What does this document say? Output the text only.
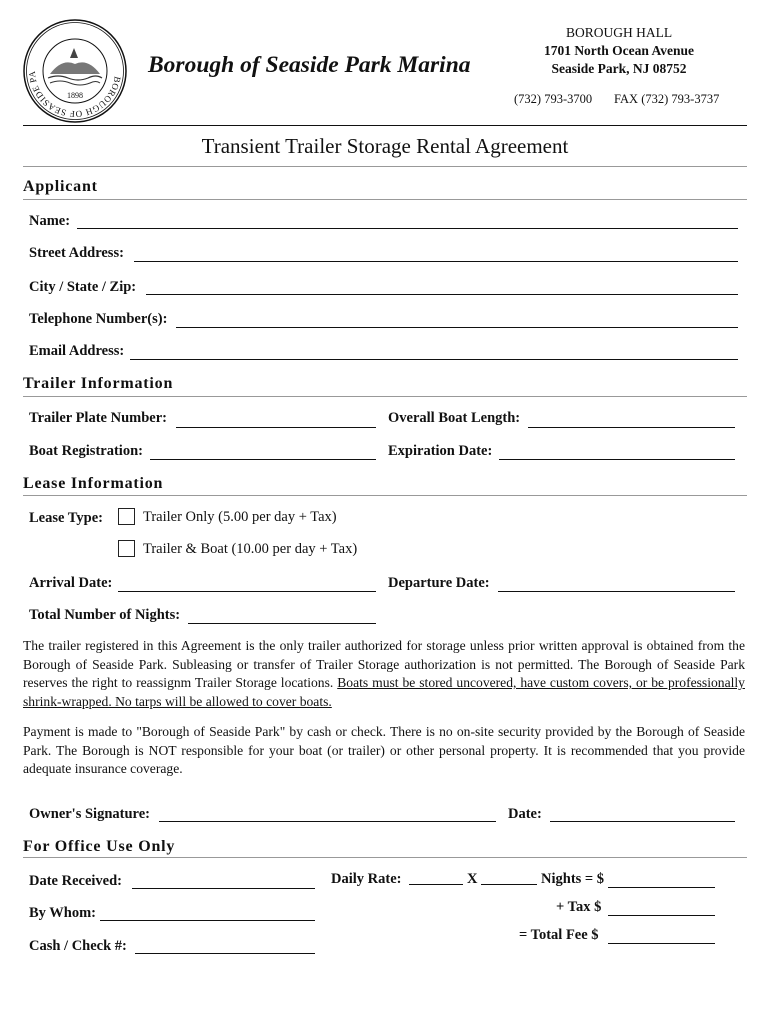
BOROUGH OF SEASIDE PA
1898
Borough of Seaside Park Marina
BOROUGH HALL
1701 North Ocean Avenue
Seaside Park, NJ 08752
(732) 793-3700 FAX (732) 793-3737
Transient Trailer Storage Rental Agreement
Applicant
Name:
Street Address:
City / State / Zip:
Telephone Number(s):
Email Address:
Trailer Information
Trailer Plate Number:	Overall Boat Length:
Boat Registration:	Expiration Date:
Lease Information
Lease Type:	Trailer Only (5.00 per day + Tax)
Trailer & Boat (10.00 per day + Tax)
Arrival Date:	Departure Date:
Total Number of Nights:
The trailer registered in this Agreement is the only trailer authorized for storage unless prior written approval is obtained from the Borough of Seaside Park. Subleasing or transfer of Trailer Storage authorization is not permitted. The Borough of Seaside Park reserves the right to reassignm Trailer Storage locations. Boats must be stored uncovered, have custom covers, or be professionally shrink-wrapped. No tarps will be allowed to cover boats.
Payment is made to "Borough of Seaside Park" by cash or check. There is no on-site security provided by the Borough of Seaside Park. The Borough is NOT responsible for your boat (or trailer) or other personal property. It is recommended that you provide adequate insurance coverage.
Owner's Signature:	Date:
For Office Use Only
Date Received:
By Whom:
Cash / Check #:
Daily Rate:	X	Nights = $
+ Tax $
= Total Fee $
